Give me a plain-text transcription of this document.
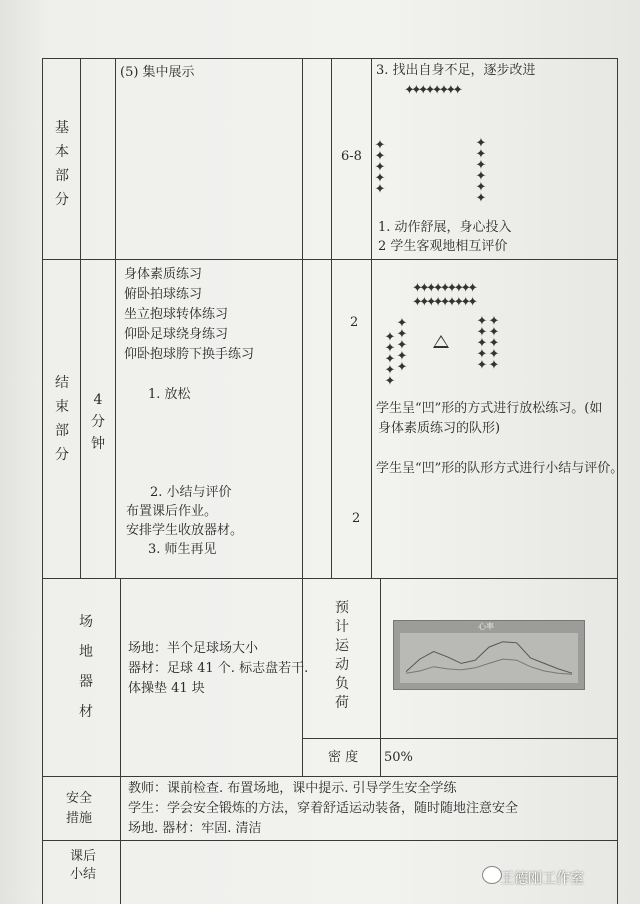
基
本
部
分
(5) 集中展示
6-8
3. 找出自身不足，逐步改进
✦✦✦✦✦✦✦✦
✦
✦
✦
✦
✦
✦
✦
✦
✦
✦
✦
1. 动作舒展，身心投入
2 学生客观地相互评价
结
束
部
分
4
分
钟
身体素质练习
俯卧拍球练习
坐立抱球转体练习
仰卧足球绕身练习
仰卧抱球胯下换手练习
1. 放松
2. 小结与评价
布置课后作业。
安排学生收放器材。
3. 师生再见
2
2
✦✦✦✦✦✦✦✦✦
✦✦✦✦✦✦✦✦✦
✦
✦
✦
✦
✦
✦
✦
✦
✦
✦
✦
✦
✦
✦
✦
✦
✦
✦
✦
✦
学生呈“凹”形的方式进行放松练习。(如
身体素质练习的队形)
学生呈“凹”形的队形方式进行小结与评价。
场
地
器
材
场地：半个足球场大小
器材：足球 41 个. 标志盘若干.
体操垫 41 块
预
计
运
动
负
荷
心率
密 度 50%
安全
措施
教师：课前检查. 布置场地，课中提示. 引导学生安全学练
学生：学会安全锻炼的方法，穿着舒适运动装备，随时随地注意安全
场地. 器材：牢固. 清洁
课后
小结	王德刚工作室
